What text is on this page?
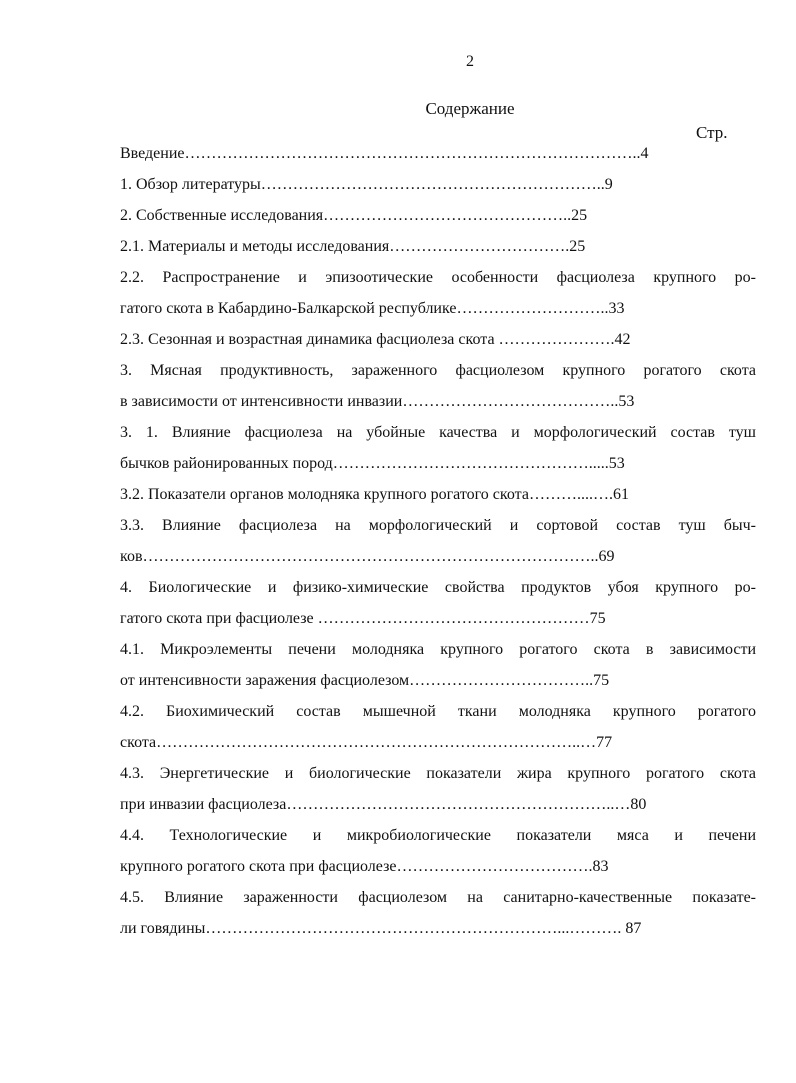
2
Содержание
Стр.
Введение…………………………………………………………………………..4
1. Обзор литературы………………………………………………………..9
2. Собственные исследования………………………………………..25
2.1. Материалы и методы исследования…………………………….25
2.2. Распространение и эпизоотические особенности фасциолеза крупного ро-
гатого скота в Кабардино-Балкарской республике………………………..33
2.3. Сезонная и возрастная динамика фасциолеза скота ………………….42
3. Мясная продуктивность, зараженного фасциолезом крупного рогатого скота
в зависимости от интенсивности инвазии…………………………………..53
3. 1. Влияние фасциолеза на убойные качества и морфологический состав туш
бычков районированных пород………………………………………….....53
3.2. Показатели органов молодняка крупного рогатого скота………....….61
3.3. Влияние фасциолеза на морфологический и сортовой состав туш быч-
ков…………………………………………………………………………..69
4. Биологические и физико-химические свойства продуктов убоя крупного ро-
гатого скота при фасциолезе ……………………………………………75
4.1. Микроэлементы печени молодняка крупного рогатого скота в зависимости
от интенсивности заражения фасциолезом……………………………..75
4.2. Биохимический состав мышечной ткани молодняка крупного рогатого
скота……………………………………………………………………..…77
4.3. Энергетические и биологические показатели жира крупного рогатого скота
при инвазии фасциолеза……………………………………………………..…80
4.4. Технологические и микробиологические показатели мяса и печени
крупного рогатого скота при фасциолезе……………………………….83
4.5. Влияние зараженности фасциолезом на санитарно-качественные показате-
ли говядины…………………………………………………………...………. 87
